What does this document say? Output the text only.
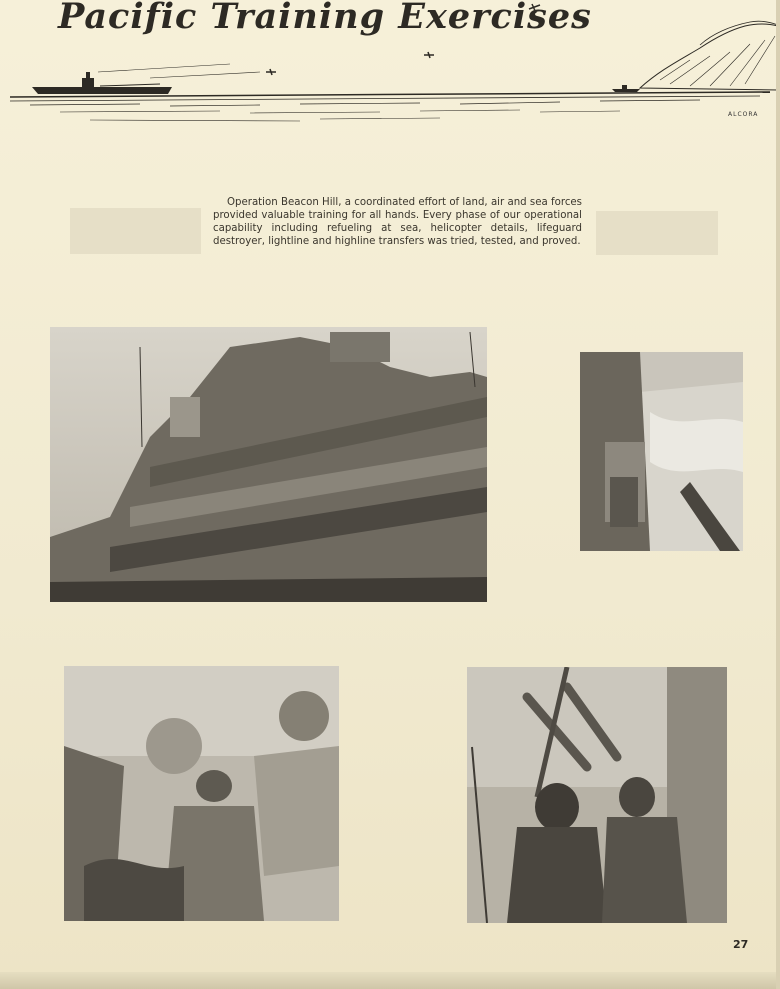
Pacific Training Exercises
ALCORA

Operation Beacon Hill, a coordinated effort of land, air and sea forces provided valuable training for all hands. Every phase of our operational capability including refueling at sea, helicopter details, lifeguard destroyer, lightline and highline transfers was tried, tested, and proved.

27
